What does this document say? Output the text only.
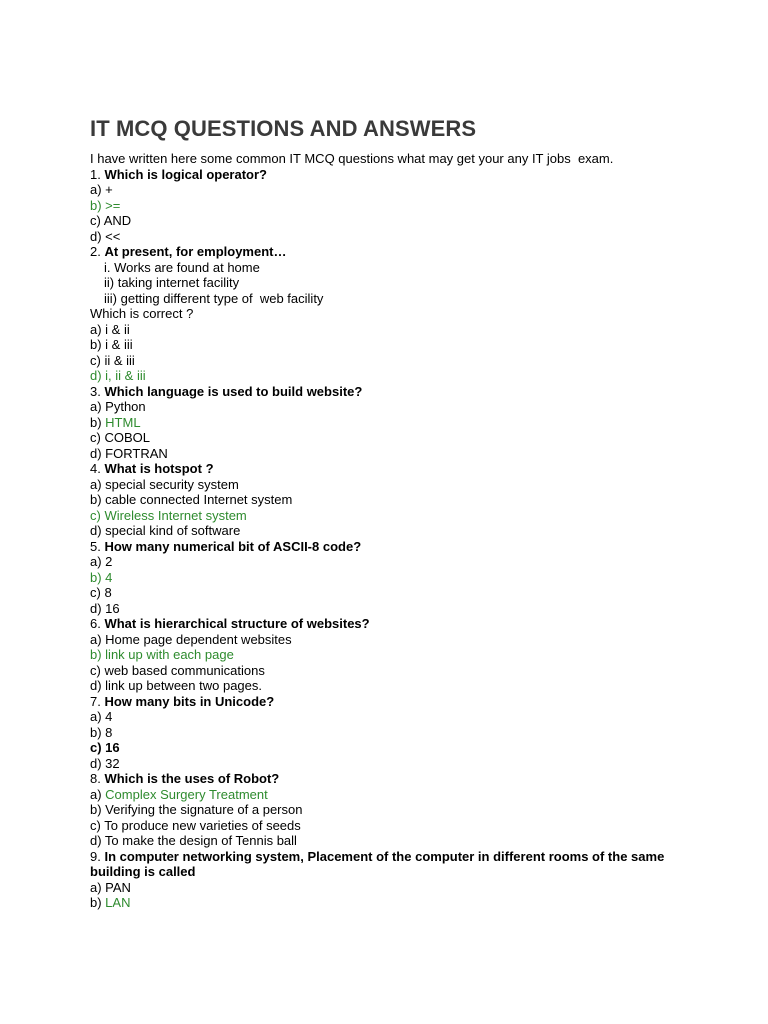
IT MCQ QUESTIONS AND ANSWERS
I have written here some common IT MCQ questions what may get your any IT jobs  exam.
1. Which is logical operator?
a) +
b) >=
c) AND
d) <<
2. At present, for employment…
i. Works are found at home
ii) taking internet facility
iii) getting different type of  web facility
Which is correct ?
a) i & ii
b) i & iii
c) ii & iii
d) i, ii & iii
3. Which language is used to build website?
a) Python
b) HTML
c) COBOL
d) FORTRAN
4. What is hotspot ?
a) special security system
b) cable connected Internet system
c) Wireless Internet system
d) special kind of software
5. How many numerical bit of ASCII-8 code?
a) 2
b) 4
c) 8
d) 16
6. What is hierarchical structure of websites?
a) Home page dependent websites
b) link up with each page
c) web based communications
d) link up between two pages.
7. How many bits in Unicode?
a) 4
b) 8
c) 16
d) 32
8. Which is the uses of Robot?
a) Complex Surgery Treatment
b) Verifying the signature of a person
c) To produce new varieties of seeds
d) To make the design of Tennis ball
9. In computer networking system, Placement of the computer in different rooms of the same building is called
a) PAN
b) LAN
